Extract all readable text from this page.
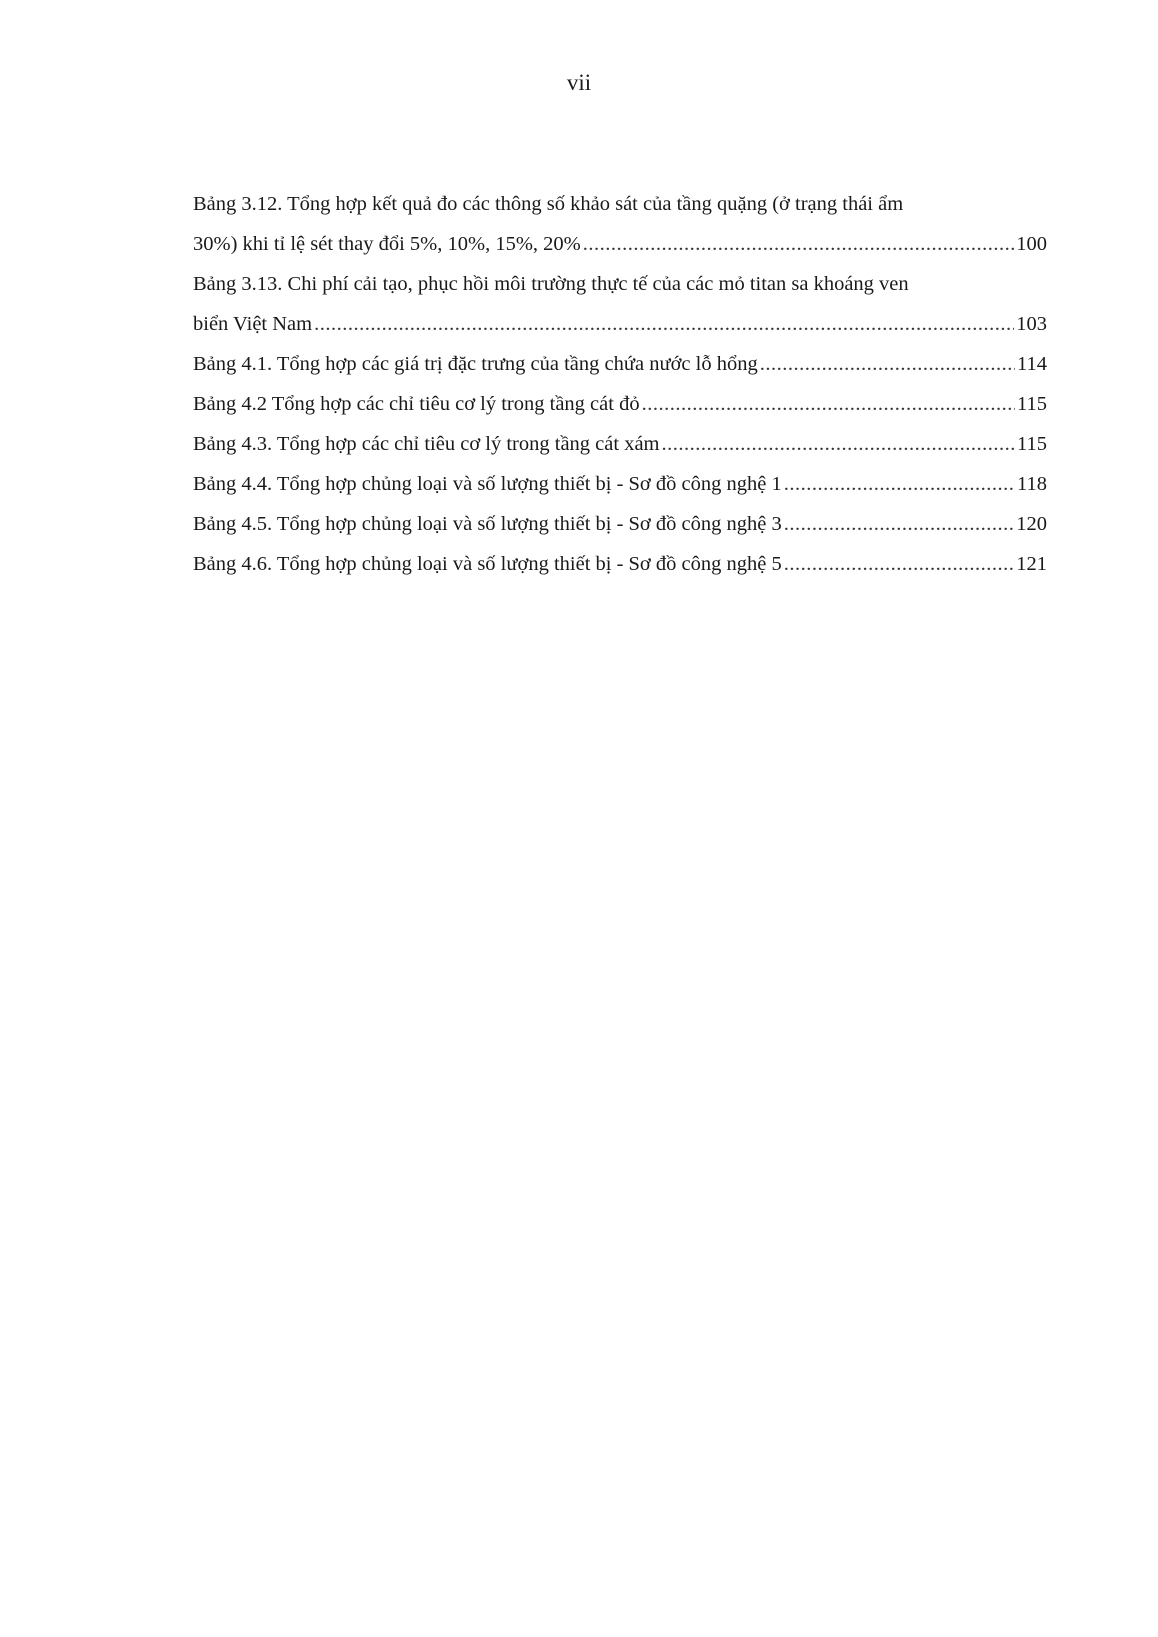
vii
Bảng 3.12. Tổng hợp kết quả đo các thông số khảo sát của tầng quặng (ở trạng thái ẩm
30%) khi tỉ lệ sét thay đổi 5%, 10%, 15%, 20% .....	100
Bảng 3.13. Chi phí cải tạo, phục hồi môi trường thực tế của các mỏ titan sa khoáng ven
biển Việt Nam .....	103
Bảng 4.1. Tổng hợp các giá trị đặc trưng của tầng chứa nước lỗ hổng .....	114
Bảng 4.2 Tổng hợp các chỉ tiêu cơ lý trong tầng cát đỏ .....	115
Bảng 4.3. Tổng hợp các chỉ tiêu cơ lý trong tầng cát xám .....	115
Bảng 4.4. Tổng hợp chủng loại và số lượng thiết bị - Sơ đồ công nghệ 1 .....	118
Bảng 4.5. Tổng hợp chủng loại và số lượng thiết bị - Sơ đồ công nghệ 3 .....	120
Bảng 4.6. Tổng hợp chủng loại và số lượng thiết bị - Sơ đồ công nghệ 5 .....	121
